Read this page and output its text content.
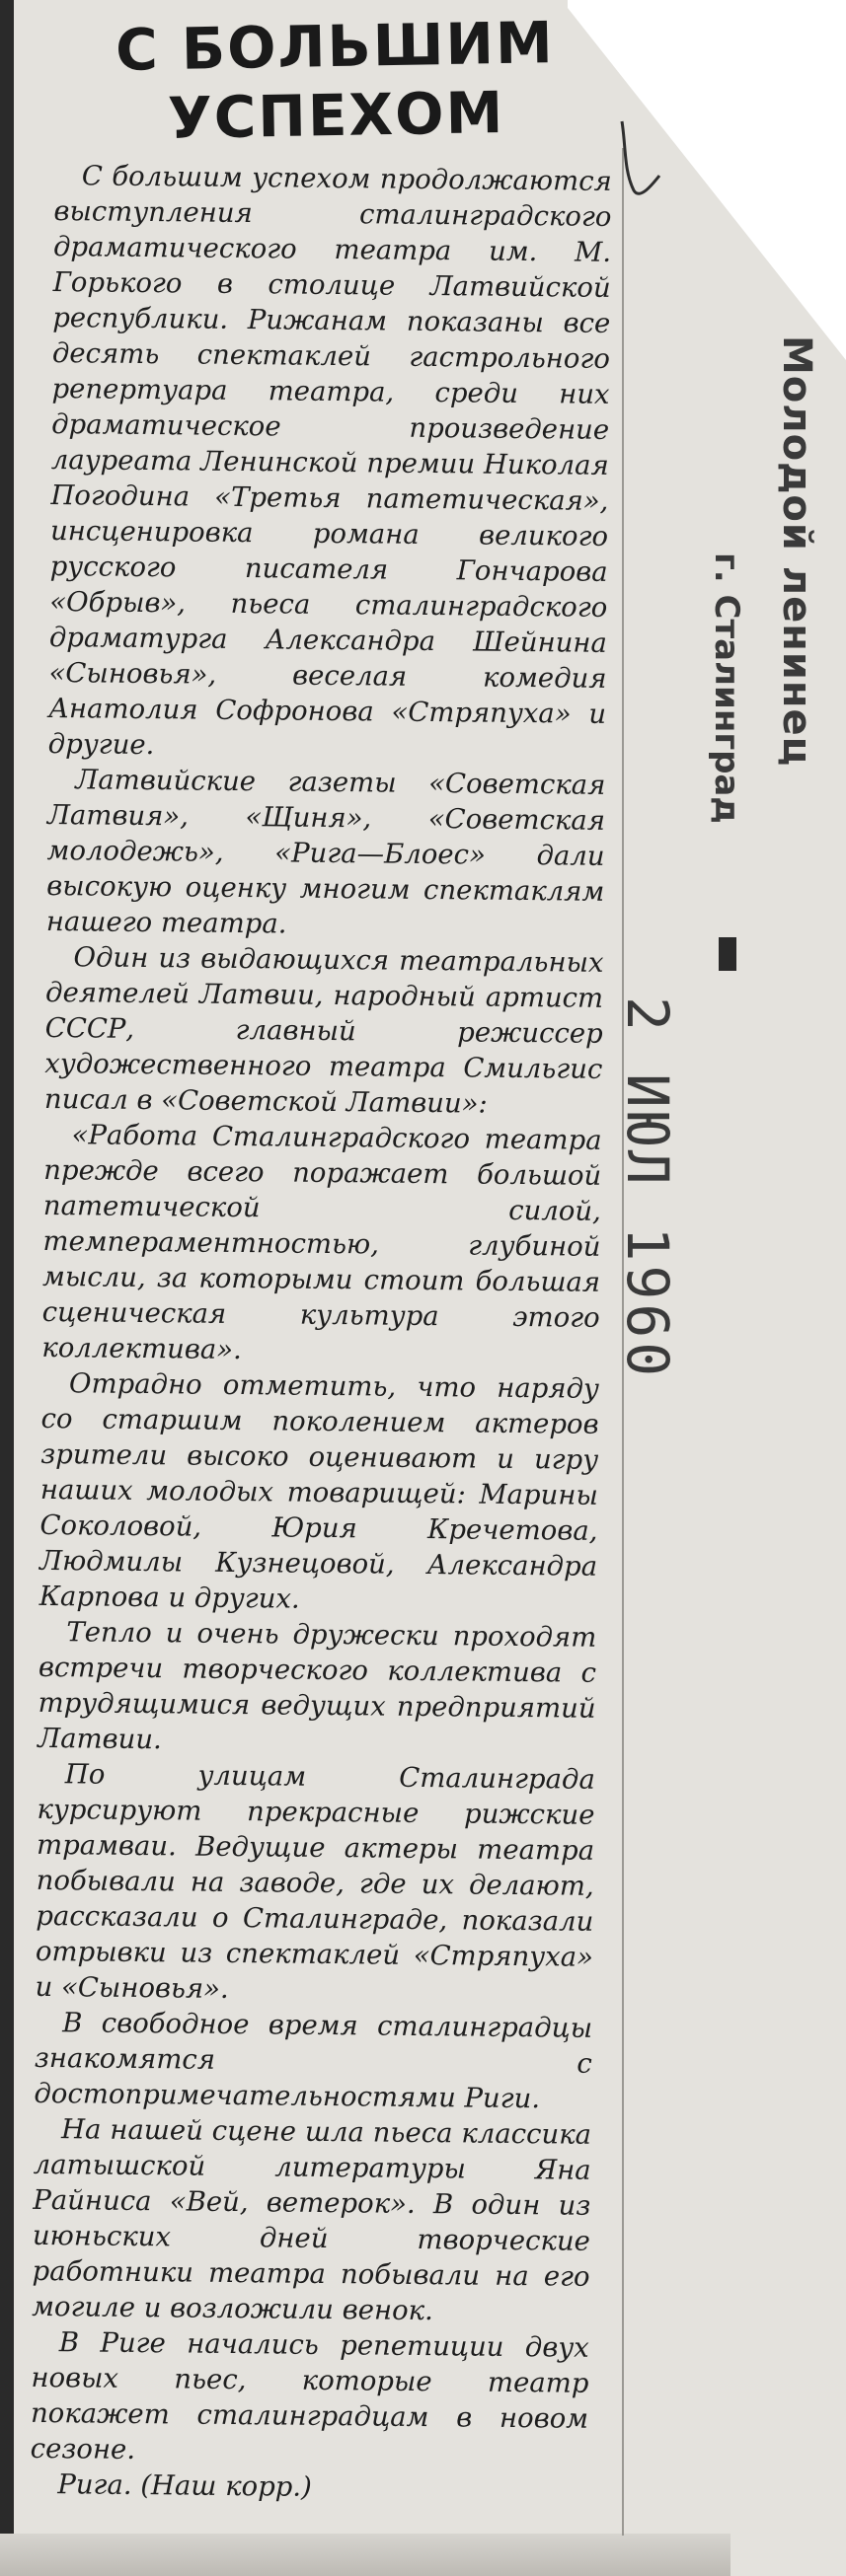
С БОЛЬШИМ
УСПЕХОМ

С большим успехом продолжаются выступления сталинградского драматического театра им. М. Горького в столице Латвийской республики. Рижанам показаны все десять спектаклей гастрольного репертуара театра, среди них драматическое произведение лауреата Ленинской премии Николая Погодина «Третья патетическая», инсценировка романа великого русского писателя Гончарова «Обрыв», пьеса сталинградского драматурга Александра Шейнина «Сыновья», веселая комедия Анатолия Софронова «Стряпуха» и другие.

Латвийские газеты «Советская Латвия», «Щиня», «Советская молодежь», «Рига—Блоес» дали высокую оценку многим спектаклям нашего театра.

Один из выдающихся театральных деятелей Латвии, народный артист СССР, главный режиссер художественного театра Смильгис писал в «Советской Латвии»:

«Работа Сталинградского театра прежде всего поражает большой патетической силой, темпераментностью, глубиной мысли, за которыми стоит большая сценическая культура этого коллектива».

Отрадно отметить, что наряду со старшим поколением актеров зрители высоко оценивают и игру наших молодых товарищей: Марины Соколовой, Юрия Кречетова, Людмилы Кузнецовой, Александра Карпова и других.

Тепло и очень дружески проходят встречи творческого коллектива с трудящимися ведущих предприятий Латвии.

По улицам Сталинграда курсируют прекрасные рижские трамваи. Ведущие актеры театра побывали на заводе, где их делают, рассказали о Сталинграде, показали отрывки из спектаклей «Стряпуха» и «Сыновья».

В свободное время сталинградцы знакомятся с достопримечательностями Риги.

На нашей сцене шла пьеса классика латышской литературы Яна Райниса «Вей, ветерок». В один из июньских дней творческие работники театра побывали на его могиле и возложили венок.

В Риге начались репетиции двух новых пьес, которые театр покажет сталинградцам в новом сезоне.

Рига. (Наш корр.)

Молодой ленинец
г. Сталинград
2 ИЮЛ 1960
